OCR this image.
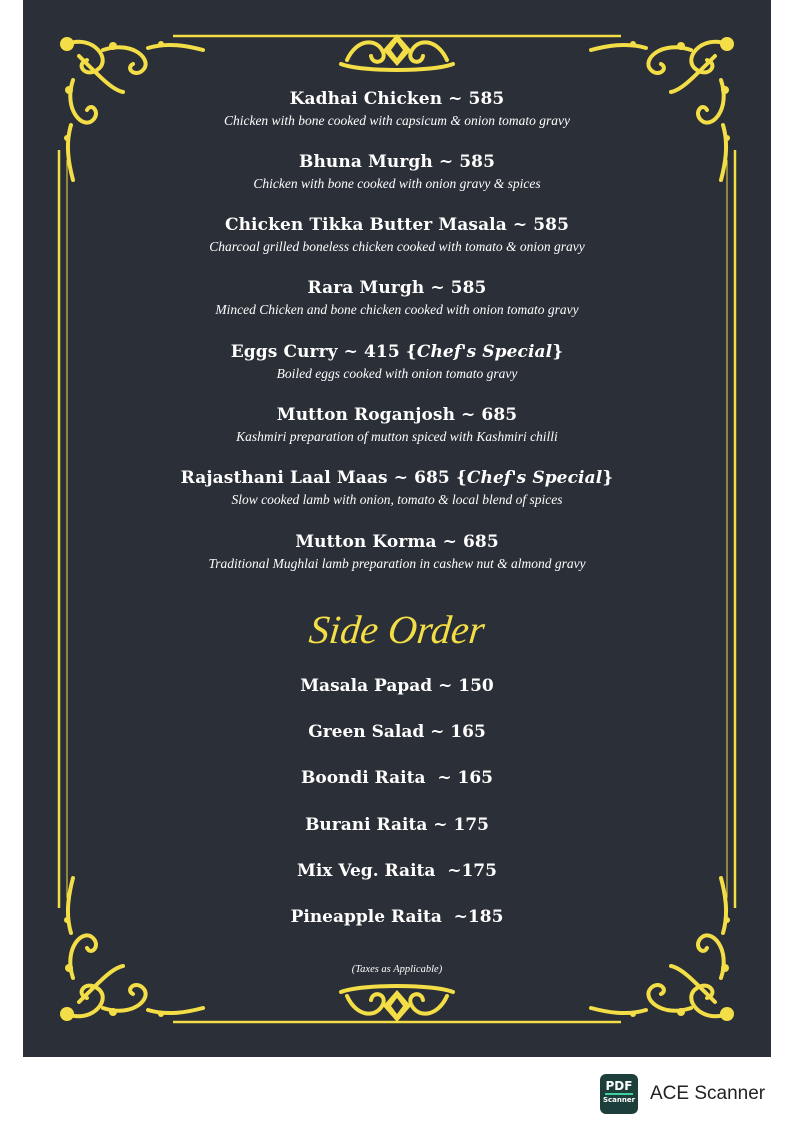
Kadhai Chicken ~ 585
Chicken with bone cooked with capsicum & onion tomato gravy
Bhuna Murgh ~ 585
Chicken with bone cooked with onion gravy & spices
Chicken Tikka Butter Masala ~ 585
Charcoal grilled boneless chicken cooked with tomato & onion gravy
Rara Murgh ~ 585
Minced Chicken and bone chicken cooked with onion tomato gravy
Eggs Curry ~ 415 {Chef's Special}
Boiled eggs cooked with onion tomato gravy
Mutton Roganjosh ~ 685
Kashmiri preparation of mutton spiced with Kashmiri chilli
Rajasthani Laal Maas ~ 685 {Chef's Special}
Slow cooked lamb with onion, tomato & local blend of spices
Mutton Korma ~ 685
Traditional Mughlai lamb preparation in cashew nut & almond gravy
Side Order
Masala Papad ~ 150
Green Salad ~ 165
Boondi Raita  ~ 165
Burani Raita ~ 175
Mix Veg. Raita  ~175
Pineapple Raita  ~185
(Taxes as Applicable)
PDF
Scanner ACE Scanner
